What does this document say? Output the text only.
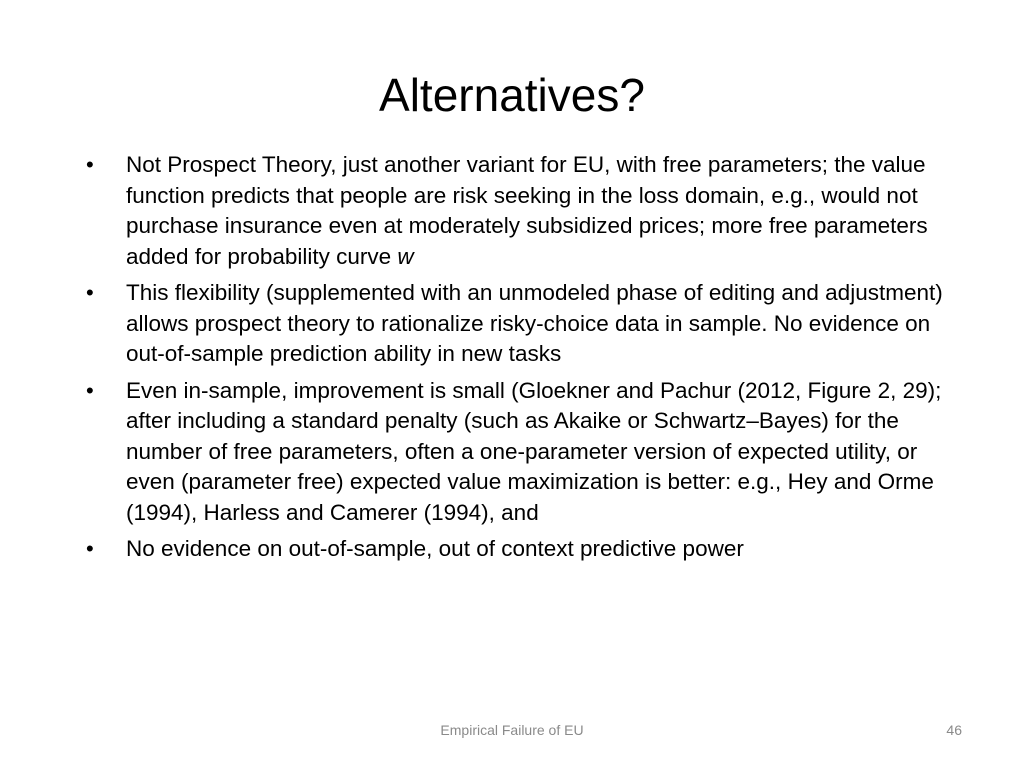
Alternatives?
• Not Prospect Theory, just another variant for EU, with free parameters; the value function predicts that people are risk seeking in the loss domain, e.g., would not purchase insurance even at moderately subsidized prices; more free parameters added for probability curve w
• This flexibility (supplemented with an unmodeled phase of editing and adjustment) allows prospect theory to rationalize risky-choice data in sample. No evidence on out-of-sample prediction ability in new tasks
• Even in-sample, improvement is small (Gloekner and Pachur (2012, Figure 2, 29); after including a standard penalty (such as Akaike or Schwartz–Bayes) for the number of free parameters, often a one-parameter version of expected utility, or even (parameter free) expected value maximization is better: e.g., Hey and Orme (1994), Harless and Camerer (1994), and
• No evidence on out-of-sample, out of context predictive power
Empirical Failure of EU	46
